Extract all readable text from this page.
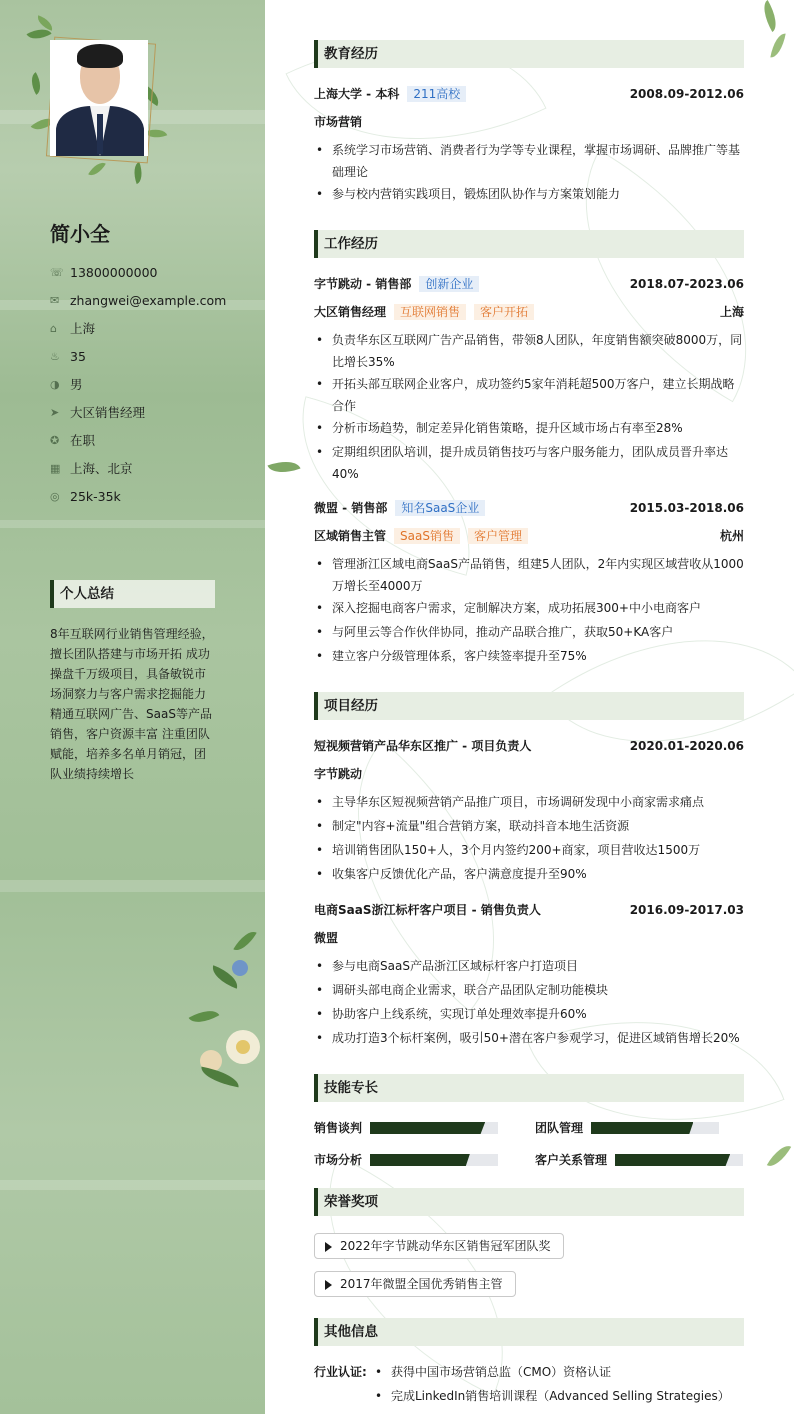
简小全
☏ 13800000000
✉ zhangwei@example.com
⌂	上海
♨ 35
◑ 男
➤ 大区销售经理
✪ 在职
▦ 上海、北京
◎ 25k-35k
个人总结
8年互联网行业销售管理经验，擅长团队搭建与市场开拓 成功操盘千万级项目，具备敏锐市场洞察力与客户需求挖掘能力 精通互联网广告、SaaS等产品销售，客户资源丰富 注重团队赋能，培养多名单月销冠，团队业绩持续增长
教育经历
上海大学 - 本科 211高校	2008.09-2012.06
市场营销
• 系统学习市场营销、消费者行为学等专业课程，掌握市场调研、品牌推广等基础理论
• 参与校内营销实践项目，锻炼团队协作与方案策划能力
工作经历
字节跳动 - 销售部 创新企业	2018.07-2023.06
大区销售经理 互联网销售 客户开拓	上海
• 负责华东区互联网广告产品销售，带领8人团队，年度销售额突破8000万，同比增长35%
• 开拓头部互联网企业客户，成功签约5家年消耗超500万客户，建立长期战略合作
• 分析市场趋势，制定差异化销售策略，提升区域市场占有率至28%
• 定期组织团队培训，提升成员销售技巧与客户服务能力，团队成员晋升率达40%
微盟 - 销售部 知名SaaS企业	2015.03-2018.06
区域销售主管 SaaS销售 客户管理	杭州
• 管理浙江区域电商SaaS产品销售，组建5人团队，2年内实现区域营收从1000万增长至4000万
• 深入挖掘电商客户需求，定制解决方案，成功拓展300+中小电商客户
• 与阿里云等合作伙伴协同，推动产品联合推广，获取50+KA客户
• 建立客户分级管理体系，客户续签率提升至75%
项目经历
短视频营销产品华东区推广 - 项目负责人	2020.01-2020.06
字节跳动
• 主导华东区短视频营销产品推广项目，市场调研发现中小商家需求痛点
• 制定"内容+流量"组合营销方案，联动抖音本地生活资源
• 培训销售团队150+人，3个月内签约200+商家，项目营收达1500万
• 收集客户反馈优化产品，客户满意度提升至90%
电商SaaS浙江标杆客户项目 - 销售负责人	2016.09-2017.03
微盟
• 参与电商SaaS产品浙江区域标杆客户打造项目
• 调研头部电商企业需求，联合产品团队定制功能模块
• 协助客户上线系统，实现订单处理效率提升60%
• 成功打造3个标杆案例，吸引50+潜在客户参观学习，促进区域销售增长20%
技能专长
销售谈判	团队管理
市场分析	客户关系管理
荣誉奖项
2022年字节跳动华东区销售冠军团队奖
2017年微盟全国优秀销售主管
其他信息
行业认证:
•	获得中国市场营销总监（CMO）资格认证
• 完成LinkedIn销售培训课程（Advanced Selling Strategies）
